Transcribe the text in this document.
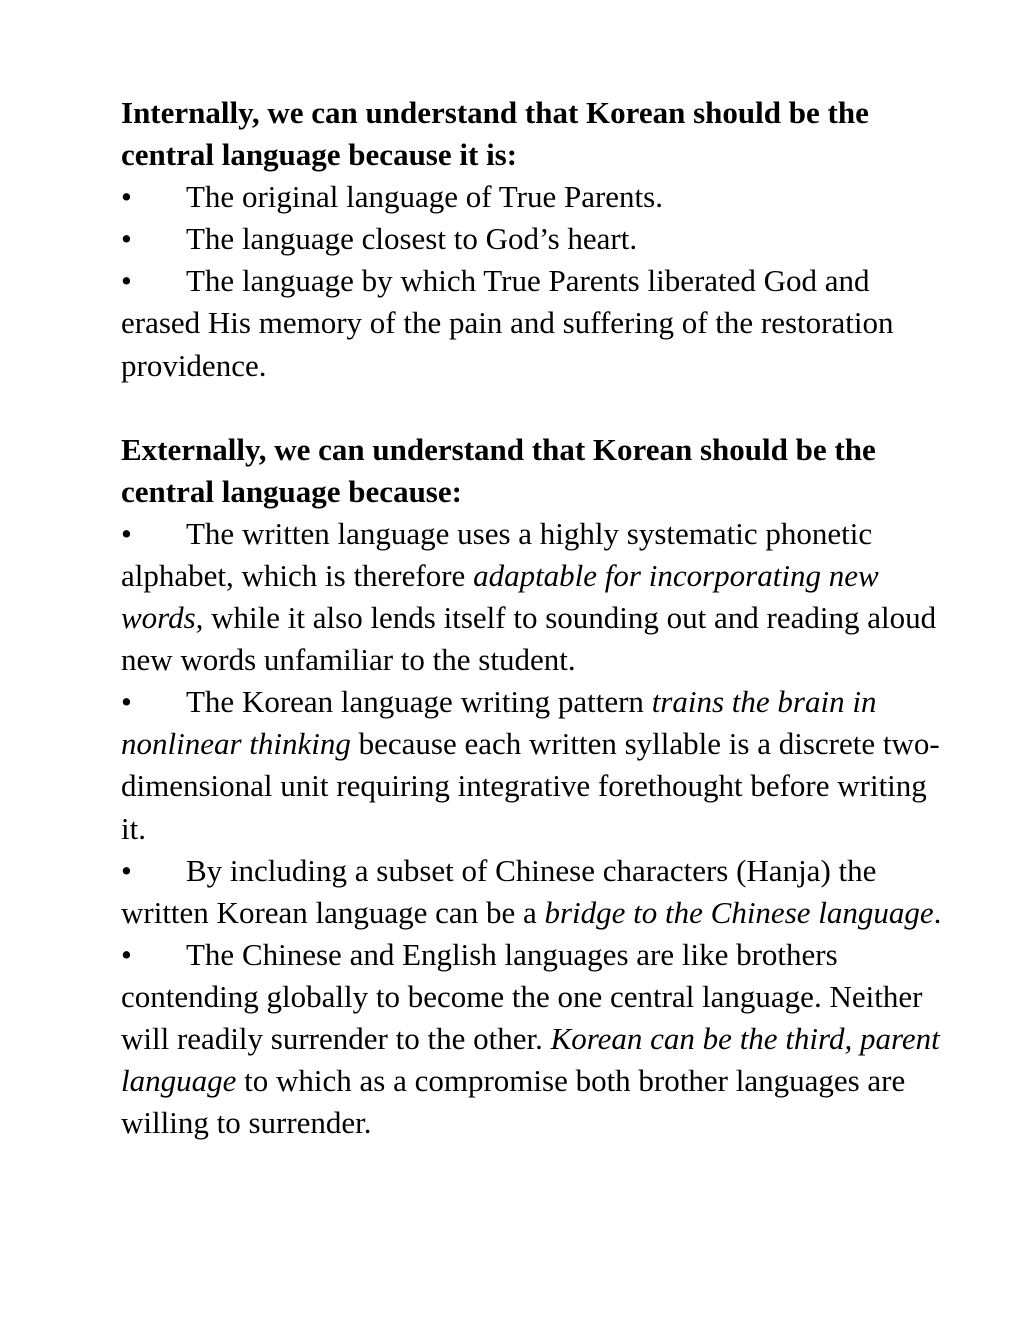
Internally, we can understand that Korean should be the central language because it is:

• The original language of True Parents.

• The language closest to God’s heart.

• The language by which True Parents liberated God and erased His memory of the pain and suffering of the restoration providence.

Externally, we can understand that Korean should be the central language because:

• The written language uses a highly systematic phonetic alphabet, which is therefore adaptable for incorporating new words, while it also lends itself to sounding out and reading aloud new words unfamiliar to the student.

• The Korean language writing pattern trains the brain in nonlinear thinking because each written syllable is a discrete two-dimensional unit requiring integrative forethought before writing it.

• By including a subset of Chinese characters (Hanja) the written Korean language can be a bridge to the Chinese language.

• The Chinese and English languages are like brothers contending globally to become the one central language. Neither will readily surrender to the other. Korean can be the third, parent language to which as a compromise both brother languages are willing to surrender.
